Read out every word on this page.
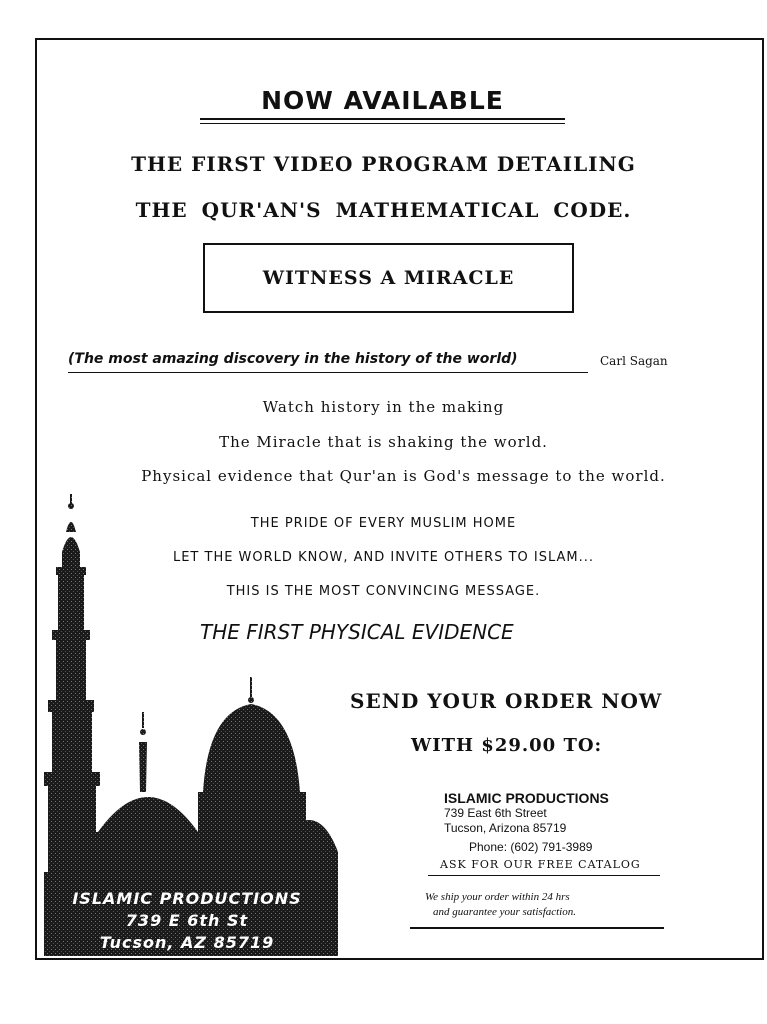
NOW AVAILABLE
THE FIRST VIDEO PROGRAM DETAILING
THE QUR'AN'S MATHEMATICAL CODE.
WITNESS A MIRACLE
(The most amazing discovery in the history of the world)	Carl Sagan
Watch history in the making
The Miracle that is shaking the world.
Physical evidence that Qur'an is God's message to the world.
THE PRIDE OF EVERY MUSLIM HOME
LET THE WORLD KNOW, AND INVITE OTHERS TO ISLAM...
THIS IS THE MOST CONVINCING MESSAGE.
THE FIRST PHYSICAL EVIDENCE
SEND YOUR ORDER NOW
WITH $29.00 TO:
ISLAMIC PRODUCTIONS
739 East 6th Street
Tucson, Arizona 85719
Phone: (602) 791-3989
ASK FOR OUR FREE CATALOG
We ship your order within 24 hrs
and guarantee your satisfaction.
ISLAMIC PRODUCTIONS
739 E 6th St
Tucson, AZ 85719
